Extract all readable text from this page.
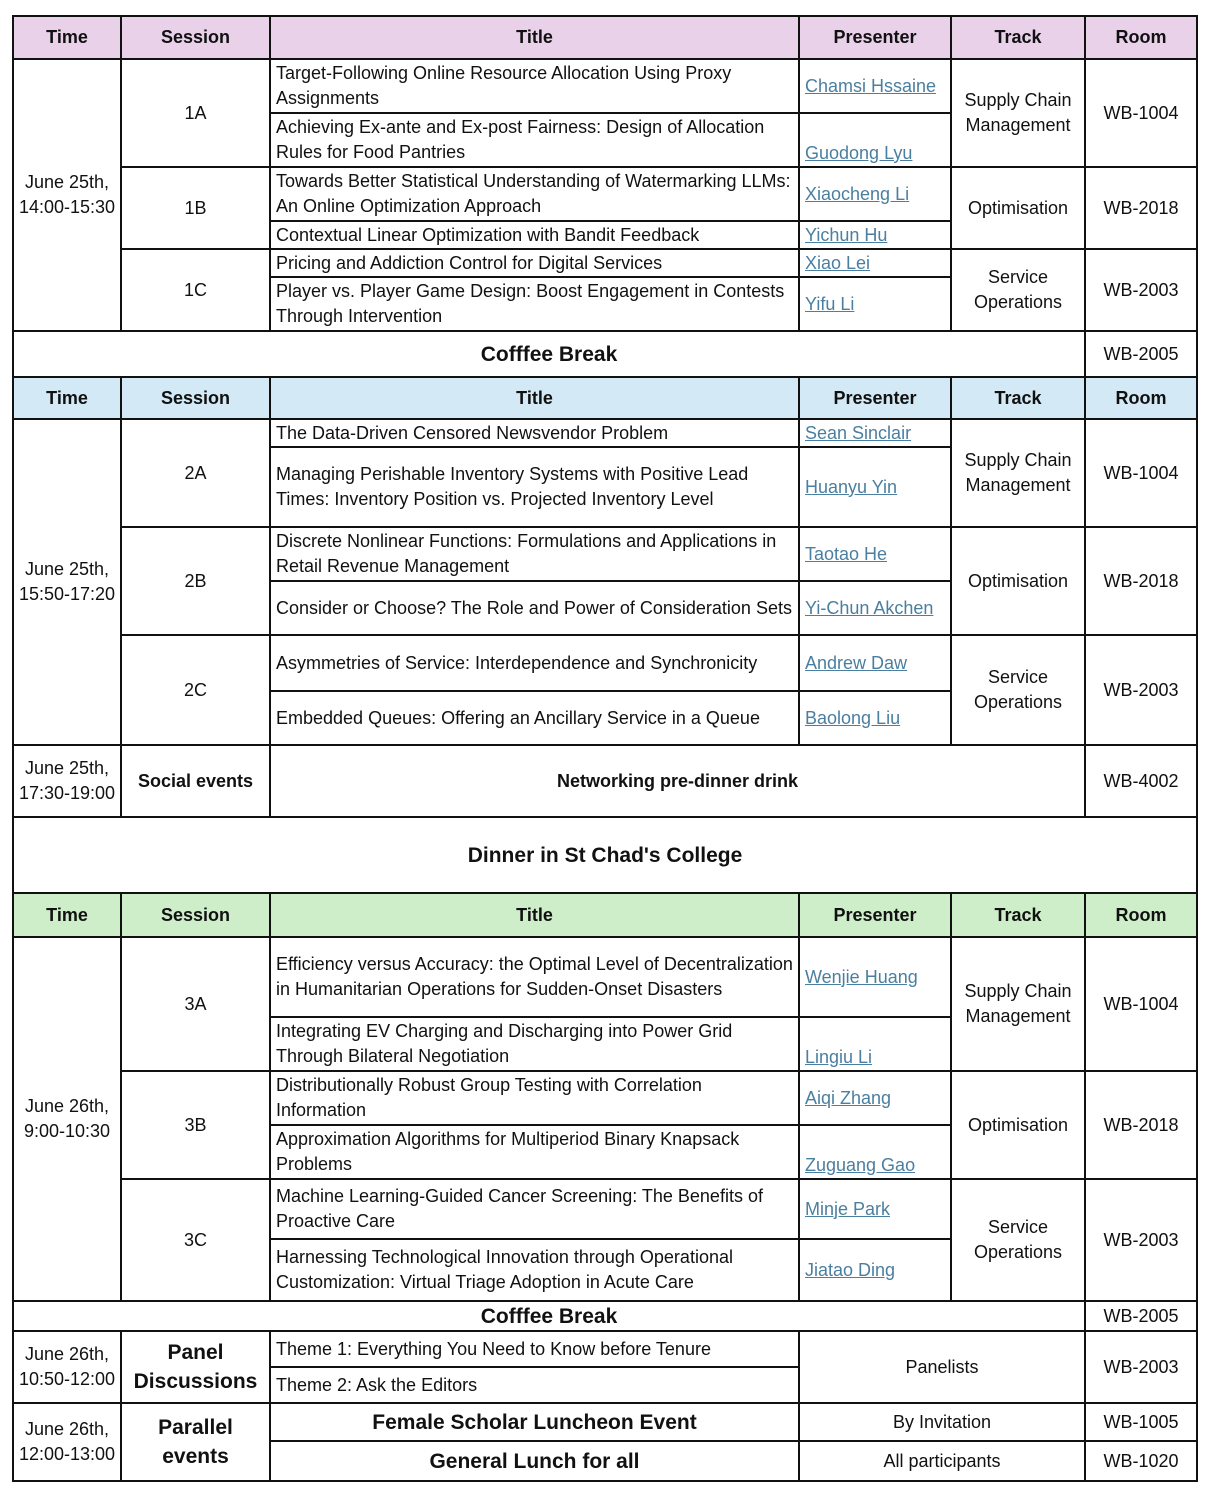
Time	Session	Title	Presenter	Track	Room
June 25th, 14:00-15:30	1A	Target-Following Online Resource Allocation Using Proxy Assignments	Chamsi Hssaine	Supply Chain Management	WB-1004
		Achieving Ex-ante and Ex-post Fairness: Design of Allocation Rules for Food Pantries	Guodong Lyu		
	1B	Towards Better Statistical Understanding of Watermarking LLMs: An Online Optimization Approach	Xiaocheng Li	Optimisation	WB-2018
		Contextual Linear Optimization with Bandit Feedback	Yichun Hu		
	1C	Pricing and Addiction Control for Digital Services	Xiao Lei	Service Operations	WB-2003
		Player vs. Player Game Design: Boost Engagement in Contests Through Intervention	Yifu Li		
Cofffee Break					WB-2005
Time	Session	Title	Presenter	Track	Room
June 25th, 15:50-17:20	2A	The Data-Driven Censored Newsvendor Problem	Sean Sinclair	Supply Chain Management	WB-1004
		Managing Perishable Inventory Systems with Positive Lead Times: Inventory Position vs. Projected Inventory Level	Huanyu Yin		
	2B	Discrete Nonlinear Functions: Formulations and Applications in Retail Revenue Management	Taotao He	Optimisation	WB-2018
		Consider or Choose? The Role and Power of Consideration Sets	Yi-Chun Akchen		
	2C	Asymmetries of Service: Interdependence and Synchronicity	Andrew Daw	Service Operations	WB-2003
		Embedded Queues: Offering an Ancillary Service in a Queue	Baolong Liu		
June 25th, 17:30-19:00	Social events	Networking pre-dinner drink			WB-4002
Dinner in St Chad's College					
Time	Session	Title	Presenter	Track	Room
June 26th, 9:00-10:30	3A	Efficiency versus Accuracy: the Optimal Level of Decentralization in Humanitarian Operations for Sudden-Onset Disasters	Wenjie Huang	Supply Chain Management	WB-1004
		Integrating EV Charging and Discharging into Power Grid Through Bilateral Negotiation	Lingiu Li		
	3B	Distributionally Robust Group Testing with Correlation Information	Aiqi Zhang	Optimisation	WB-2018
		Approximation Algorithms for Multiperiod Binary Knapsack Problems	Zuguang Gao		
	3C	Machine Learning-Guided Cancer Screening: The Benefits of Proactive Care	Minje Park	Service Operations	WB-2003
		Harnessing Technological Innovation through Operational Customization: Virtual Triage Adoption in Acute Care	Jiatao Ding		
Cofffee Break					WB-2005
June 26th, 10:50-12:00	Panel Discussions	Theme 1: Everything You Need to Know before Tenure	Panelists		WB-2003
		Theme 2: Ask the Editors			
June 26th, 12:00-13:00	Parallel events	Female Scholar Luncheon Event	By Invitation		WB-1005
		General Lunch for all	All participants		WB-1020
